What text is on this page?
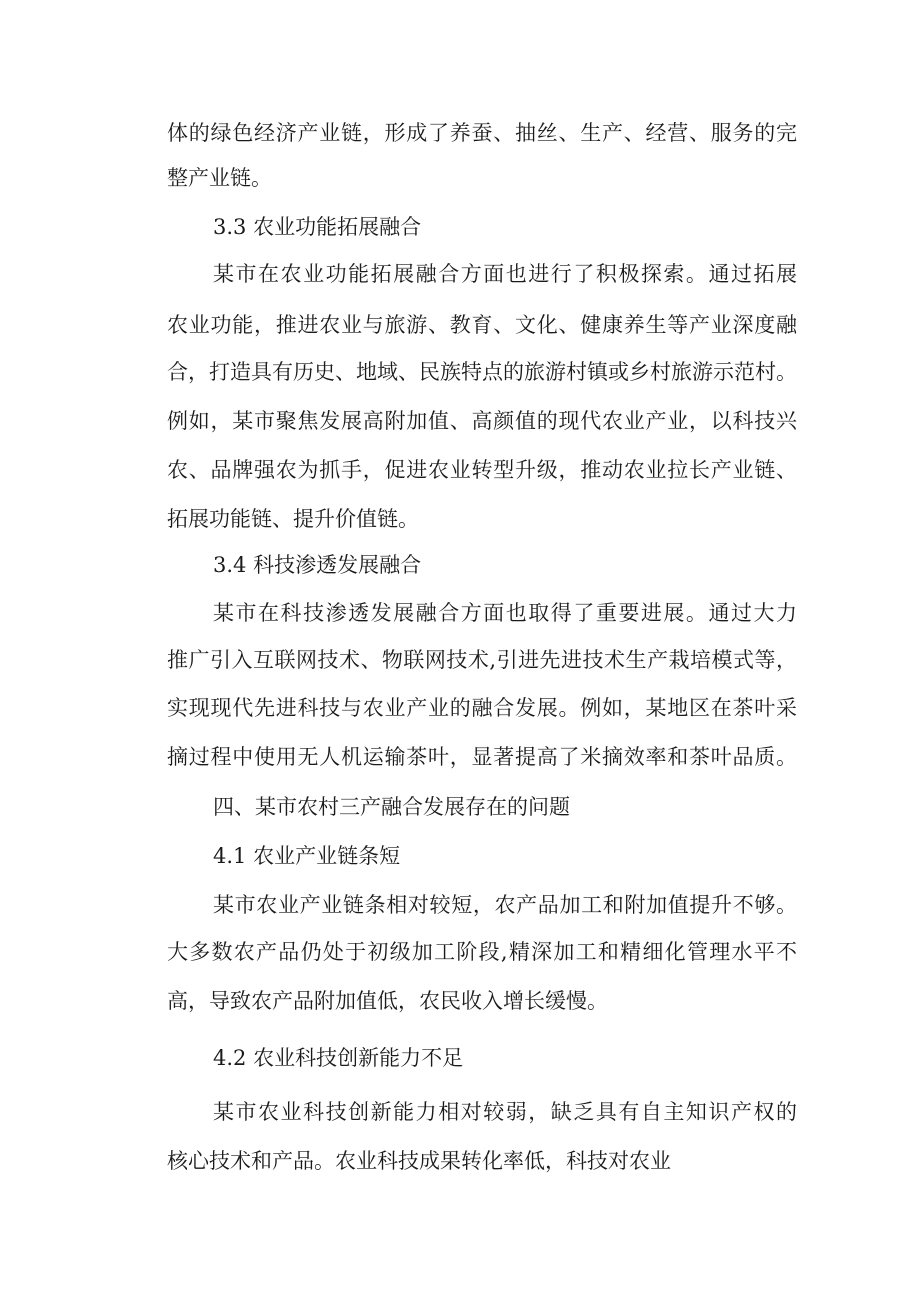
体的绿色经济产业链，形成了养蚕、抽丝、生产、经营、服务的完
整产业链。
3.3 农业功能拓展融合
某市在农业功能拓展融合方面也进行了积极探索。通过拓展
农业功能，推进农业与旅游、教育、文化、健康养生等产业深度融
合，打造具有历史、地域、民族特点的旅游村镇或乡村旅游示范村。
例如，某市聚焦发展高附加值、高颜值的现代农业产业，以科技兴
农、品牌强农为抓手，促进农业转型升级，推动农业拉长产业链、
拓展功能链、提升价值链。
3.4 科技渗透发展融合
某市在科技渗透发展融合方面也取得了重要进展。通过大力
推广引入互联网技术、物联网技术,引进先进技术生产栽培模式等，
实现现代先进科技与农业产业的融合发展。例如，某地区在茶叶采
摘过程中使用无人机运输茶叶，显著提高了米摘效率和茶叶品质。
四、某市农村三产融合发展存在的问题
4.1 农业产业链条短
某市农业产业链条相对较短，农产品加工和附加值提升不够。
大多数农产品仍处于初级加工阶段,精深加工和精细化管理水平不
高，导致农产品附加值低，农民收入增长缓慢。
4.2 农业科技创新能力不足
某市农业科技创新能力相对较弱，缺乏具有自主知识产权的
核心技术和产品。农业科技成果转化率低，科技对农业
